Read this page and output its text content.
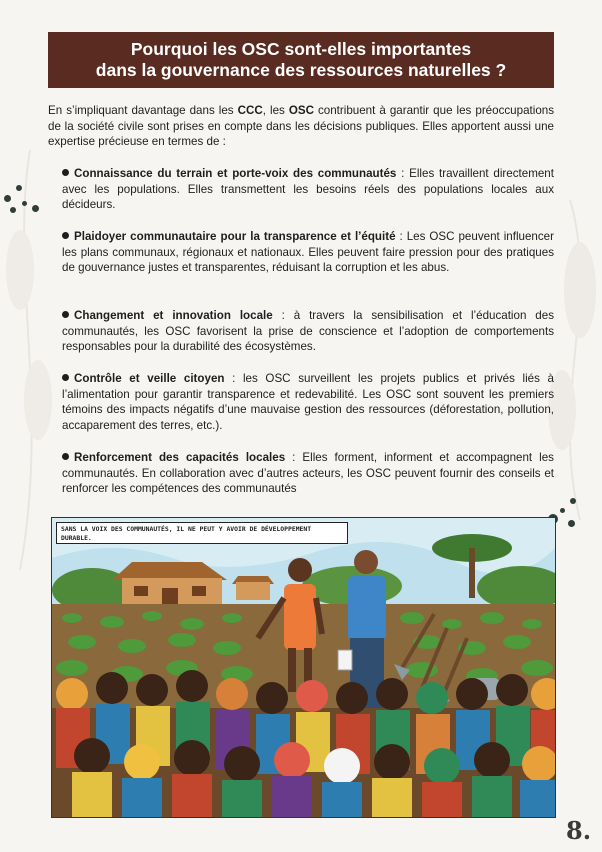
Pourquoi les OSC sont-elles importantes
dans la gouvernance des ressources naturelles ?

En s’impliquant davantage dans les CCC, les OSC contribuent à garantir que les préoccupations de la société civile sont prises en compte dans les décisions publiques. Elles apportent aussi une expertise précieuse en termes de :

Connaissance du terrain et porte-voix des communautés : Elles travaillent directement avec les populations. Elles transmettent les besoins réels des populations locales aux décideurs.

Plaidoyer communautaire pour la transparence et l’équité : Les OSC peuvent influencer les plans communaux, régionaux et nationaux. Elles peuvent faire pression pour des pratiques de gouvernance justes et transparentes, réduisant la corruption et les abus.

Changement et innovation locale : à travers la sensibilisation et l’éducation des communautés, les OSC favorisent la prise de conscience et l’adoption de comportements responsables pour la durabilité des écosystèmes.

Contrôle et veille citoyen : les OSC surveillent les projets publics et privés liés à l’alimentation pour garantir transparence et redevabilité. Les OSC sont souvent les premiers témoins des impacts négatifs d’une mauvaise gestion des ressources (déforestation, pollution, accaparement des terres, etc.).

Renforcement des capacités locales : Elles forment, informent et accompagnent les communautés. En collaboration avec d’autres acteurs, les OSC peuvent fournir des conseils et renforcer les compétences des communautés

SANS LA VOIX DES COMMUNAUTÉS, IL NE PEUT Y AVOIR DE DÉVELOPPEMENT DURABLE.
8.
